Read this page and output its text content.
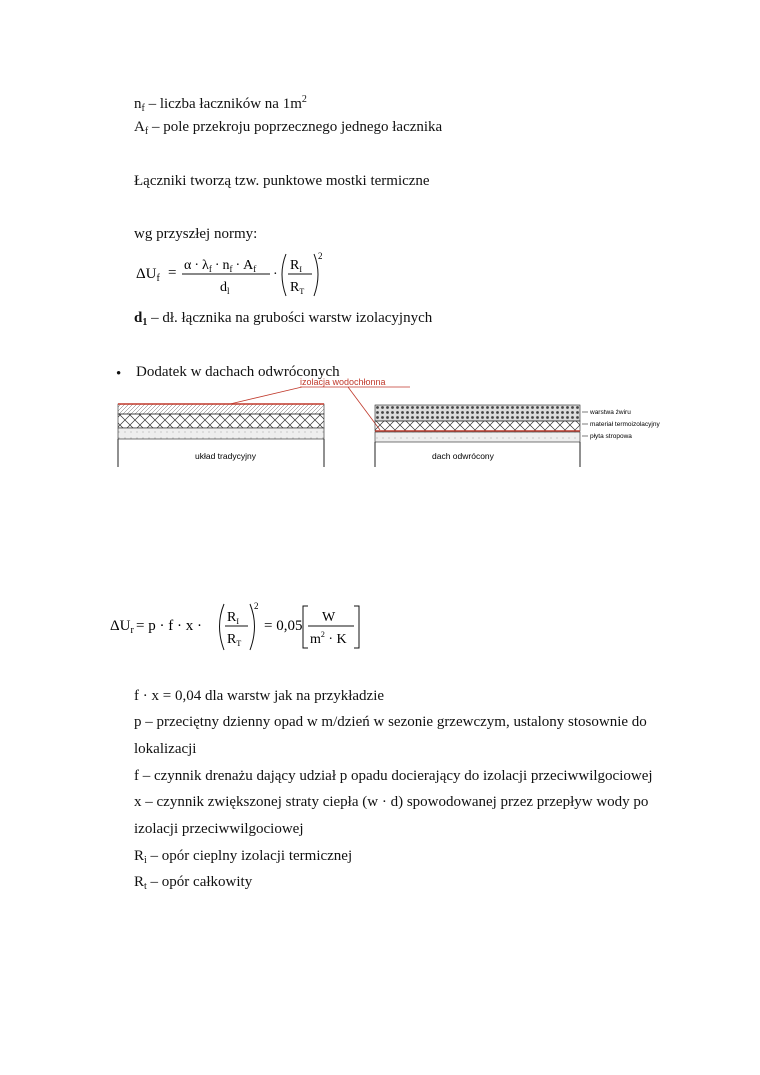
$n_f$ – liczba łaczników na $1m^2$
$A_f$ – pole przekroju poprzecznego jednego łacznika
Łączniki tworzą tzw. punktowe mostki termiczne
wg przyszłej normy:
$\Delta U_f = \alpha \cdot \lambda_f \cdot n_f \cdot A_f$
$d_l$
·
$R_I$
$R_T$
2
$d_1$ – dł. łącznika na grubości warstw izolacyjnych
• Dodatek w dachach odwróconych
izolacja wodochłonna
układ tradycyjny	dach odwrócony
warstwa żwiru
materiał termoizolacyjny
płyta stropowa
$\Delta U_r = p \cdot f \cdot x$ ·
$R_I$
$R_T$
2
= 0,05
W
$m^2 \cdot K$
f · x = 0,04 dla warstw jak na przykładzie
p – przeciętny dzienny opad w m/dzień w sezonie grzewczym, ustalony stosownie do
lokalizacji
f – czynnik drenażu dający udział p opadu docierający do izolacji przeciwwilgociowej
x – czynnik zwiększonej straty ciepła (w · d) spowodowanej przez przepływ wody po
izolacji przeciwwilgociowej
$R_i$ – opór cieplny izolacji termicznej
$R_t$ – opór całkowity
